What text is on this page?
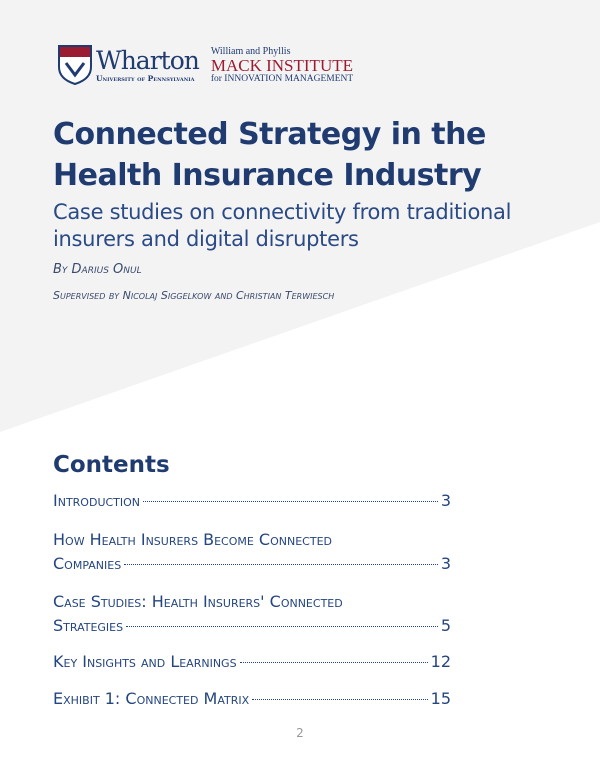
Wharton
University of Pennsylvania
William and Phyllis
MACK INSTITUTE
for INNOVATION MANAGEMENT
Connected Strategy in the
Health Insurance Industry
Case studies on connectivity from traditional insurers and digital disrupters
By Darius Onul
Supervised by Nicolaj Siggelkow and Christian Terwiesch
Contents
Introduction	3
How Health Insurers Become Connected
Companies	3
Case Studies: Health Insurers' Connected
Strategies	5
Key Insights and Learnings	12
Exhibit 1: Connected Matrix	15
2
